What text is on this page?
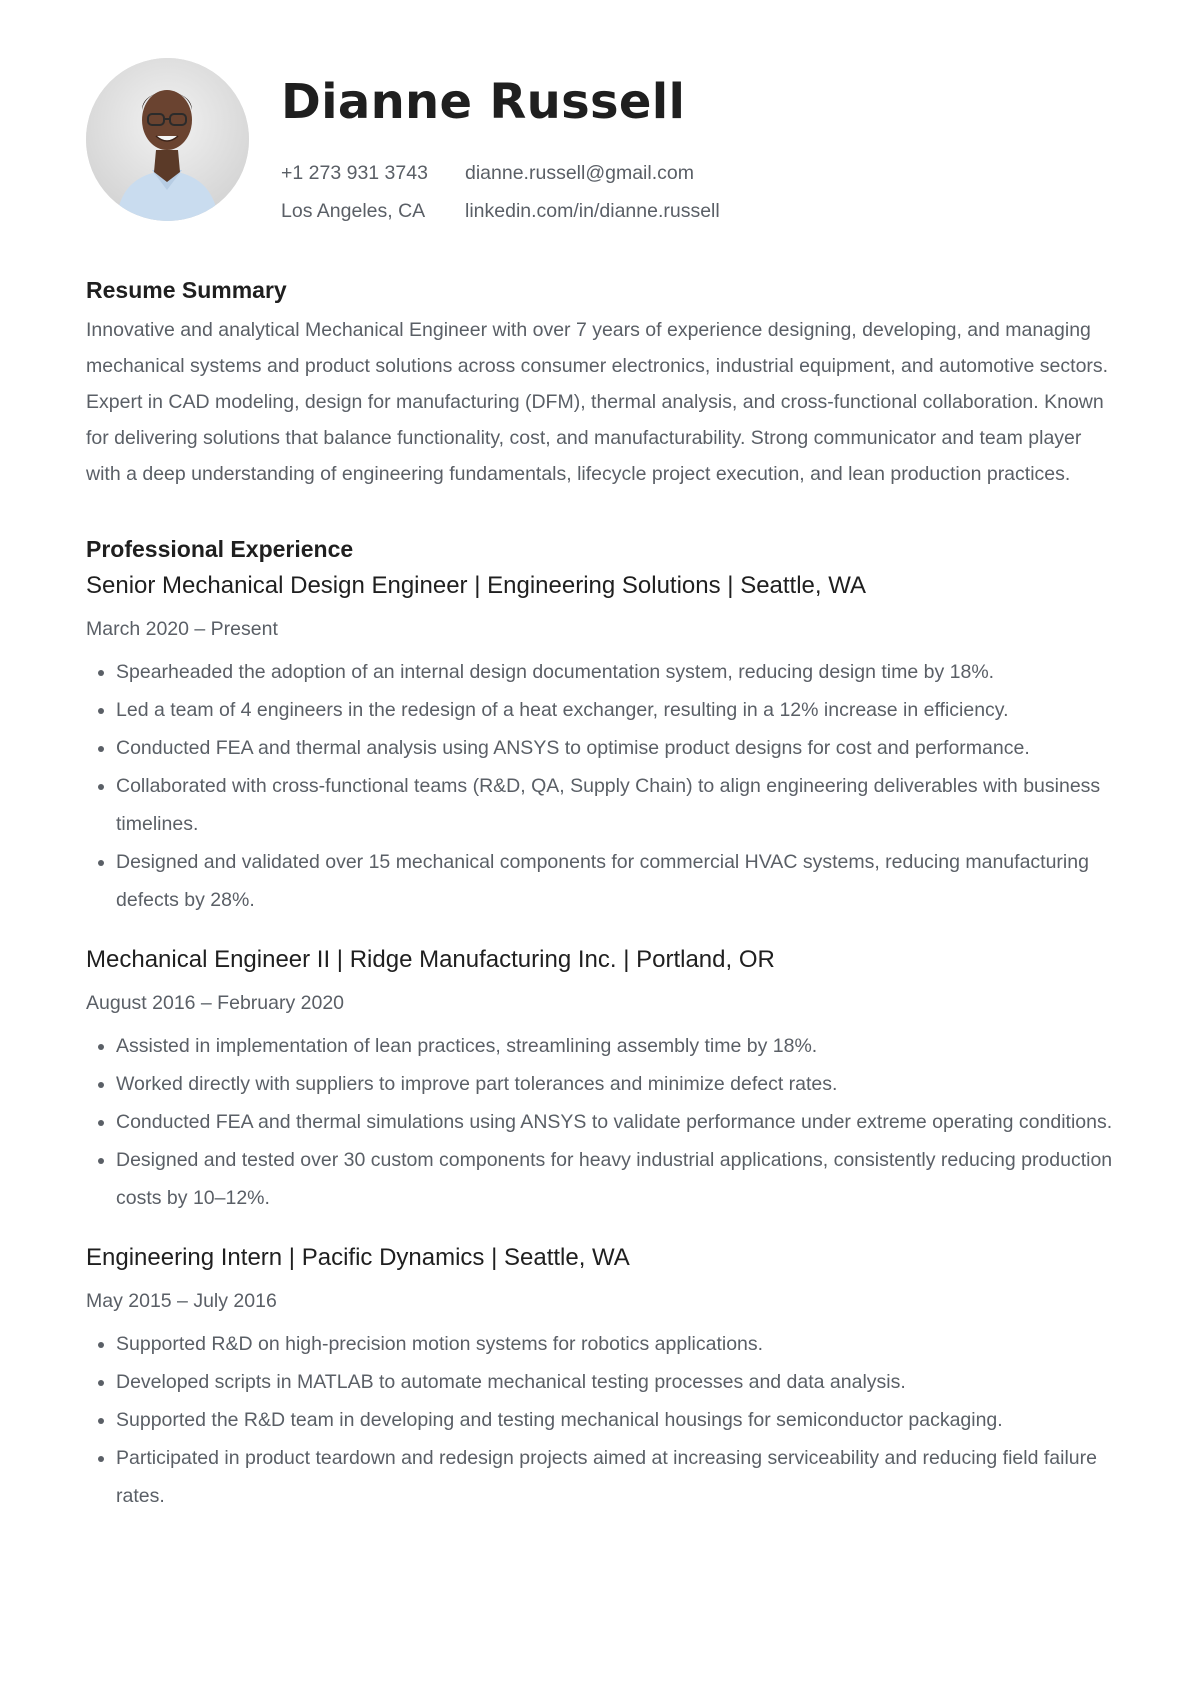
Dianne Russell
+1 273 931 3743	dianne.russell@gmail.com
Los Angeles, CA	linkedin.com/in/dianne.russell
Resume Summary

Innovative and analytical Mechanical Engineer with over 7 years of experience designing, developing, and managing mechanical systems and product solutions across consumer electronics, industrial equipment, and automotive sectors. Expert in CAD modeling, design for manufacturing (DFM), thermal analysis, and cross-functional collaboration. Known for delivering solutions that balance functionality, cost, and manufacturability. Strong communicator and team player with a deep understanding of engineering fundamentals, lifecycle project execution, and lean production practices.

Professional Experience
Senior Mechanical Design Engineer | Engineering Solutions | Seattle, WA

March 2020 – Present

Spearheaded the adoption of an internal design documentation system, reducing design time by 18%.
Led a team of 4 engineers in the redesign of a heat exchanger, resulting in a 12% increase in efficiency.
Conducted FEA and thermal analysis using ANSYS to optimise product designs for cost and performance.
Collaborated with cross-functional teams (R&D, QA, Supply Chain) to align engineering deliverables with business timelines.
Designed and validated over 15 mechanical components for commercial HVAC systems, reducing manufacturing defects by 28%.
Mechanical Engineer II | Ridge Manufacturing Inc. | Portland, OR

August 2016 – February 2020

Assisted in implementation of lean practices, streamlining assembly time by 18%.
Worked directly with suppliers to improve part tolerances and minimize defect rates.
Conducted FEA and thermal simulations using ANSYS to validate performance under extreme operating conditions.
Designed and tested over 30 custom components for heavy industrial applications, consistently reducing production costs by 10–12%.
Engineering Intern | Pacific Dynamics | Seattle, WA

May 2015 – July 2016

Supported R&D on high-precision motion systems for robotics applications.
Developed scripts in MATLAB to automate mechanical testing processes and data analysis.
Supported the R&D team in developing and testing mechanical housings for semiconductor packaging.
Participated in product teardown and redesign projects aimed at increasing serviceability and reducing field failure rates.
